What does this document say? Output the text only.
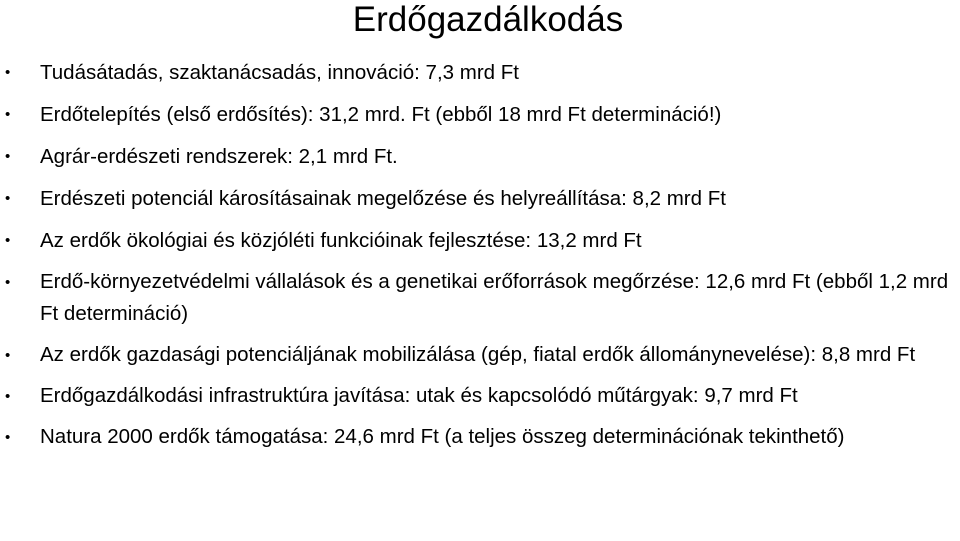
Erdőgazdálkodás
•	Tudásátadás, szaktanácsadás, innováció: 7,3 mrd Ft
•	Erdőtelepítés (első erdősítés): 31,2 mrd. Ft (ebből 18 mrd Ft determináció!)
•	Agrár-erdészeti rendszerek: 2,1 mrd Ft.
•	Erdészeti potenciál károsításainak megelőzése és helyreállítása: 8,2 mrd Ft
•	Az erdők ökológiai és közjóléti funkcióinak fejlesztése: 13,2 mrd Ft
•	Erdő-környezetvédelmi vállalások és a genetikai erőforrások megőrzése: 12,6 mrd Ft (ebből 1,2 mrd Ft determináció)
•	Az erdők gazdasági potenciáljának mobilizálása (gép, fiatal erdők állománynevelése): 8,8 mrd Ft
•	Erdőgazdálkodási infrastruktúra javítása: utak és kapcsolódó műtárgyak: 9,7 mrd Ft
•	Natura 2000 erdők támogatása: 24,6 mrd Ft (a teljes összeg determinációnak tekinthető)
